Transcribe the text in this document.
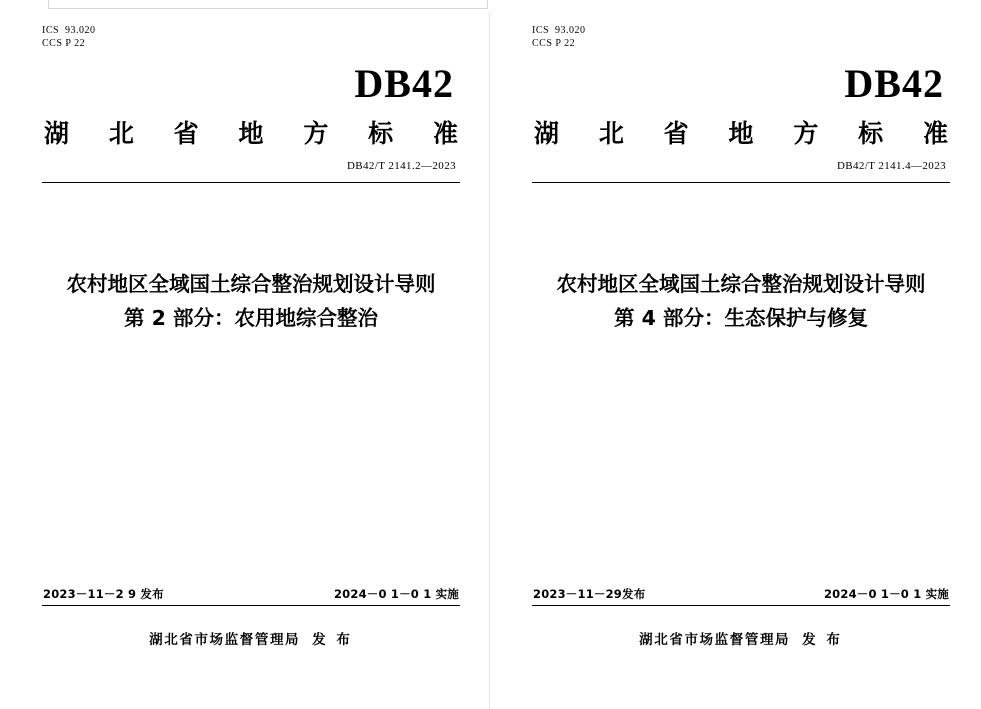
ICS  93.020
CCS P 22
DB42
湖 北 省 地 方 标 准
DB42/T 2141.2—2023
农村地区全域国土综合整治规划设计导则
第 2 部分：农用地综合整治
2023－11－2 9 发布	2024－0 1－0 1 实施
湖北省市场监督管理局 发 布
ICS  93.020
CCS P 22
DB42
湖 北 省 地 方 标 准
DB42/T 2141.4—2023
农村地区全域国土综合整治规划设计导则
第 4 部分：生态保护与修复
2023－11－29发布	2024－0 1－0 1 实施
湖北省市场监督管理局 发 布
